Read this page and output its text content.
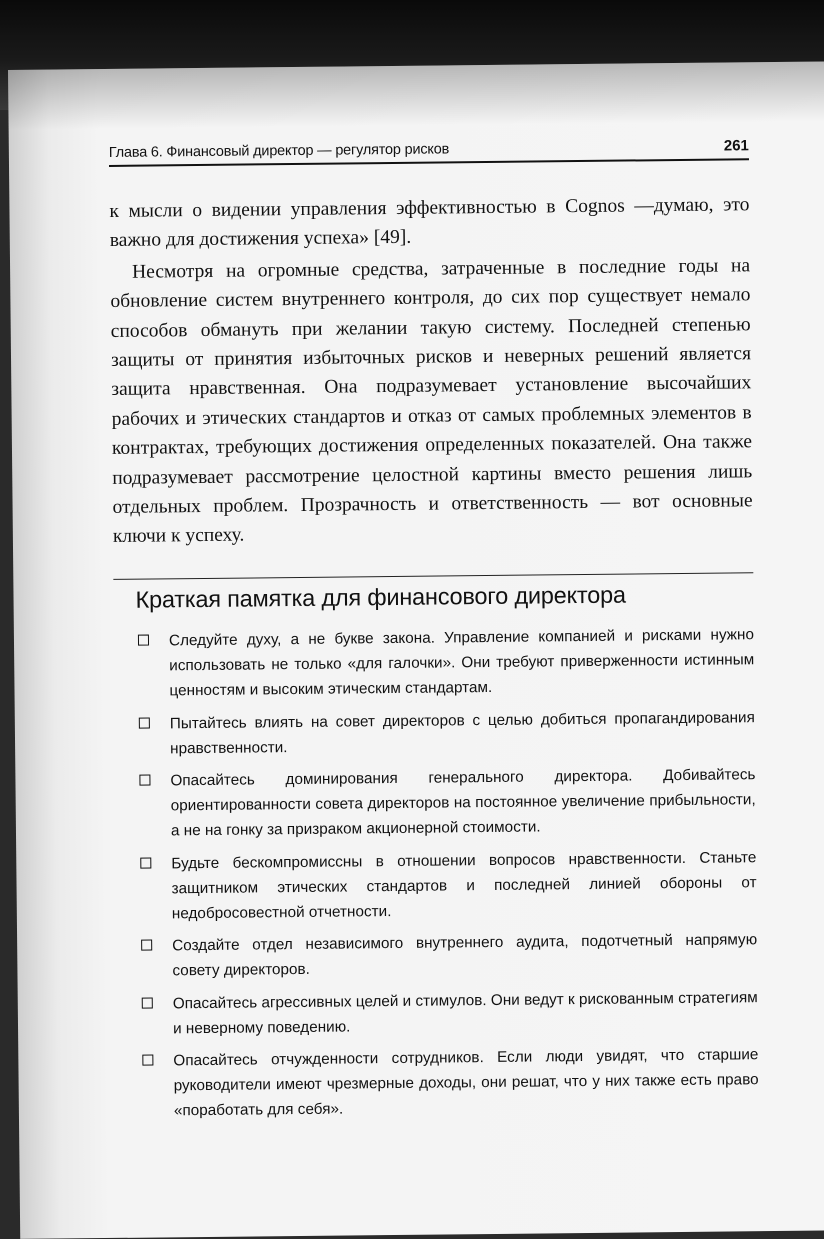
Глава 6. Финансовый директор — регулятор рисков	261

к мысли о видении управления эффективностью в Cognos —думаю, это важно для достижения успеха» [49].

Несмотря на огромные средства, затраченные в последние годы на обновление систем внутреннего контроля, до сих пор существует немало способов обмануть при желании такую систему. Последней степенью защиты от принятия избыточных рисков и неверных решений является защита нравственная. Она подразумевает установление высочайших рабочих и этических стандартов и отказ от самых проблемных элементов в контрактах, требующих достижения определенных показателей. Она также подразумевает рассмотрение целостной картины вместо решения лишь отдельных проблем. Прозрачность и ответственность — вот основные ключи к успеху.

Краткая памятка для финансового директора
Следуйте духу, а не букве закона. Управление компанией и рисками нужно использовать не только «для галочки». Они требуют приверженности истинным ценностям и высоким этическим стандартам.
Пытайтесь влиять на совет директоров с целью добиться пропагандирования нравственности.
Опасайтесь доминирования генерального директора. Добивайтесь ориентированности совета директоров на постоянное увеличение прибыльности, а не на гонку за призраком акционерной стоимости.
Будьте бескомпромиссны в отношении вопросов нравственности. Станьте защитником этических стандартов и последней линией обороны от недобросовестной отчетности.
Создайте отдел независимого внутреннего аудита, подотчетный напрямую совету директоров.
Опасайтесь агрессивных целей и стимулов. Они ведут к рискованным стратегиям и неверному поведению.
Опасайтесь отчужденности сотрудников. Если люди увидят, что старшие руководители имеют чрезмерные доходы, они решат, что у них также есть право «поработать для себя».
